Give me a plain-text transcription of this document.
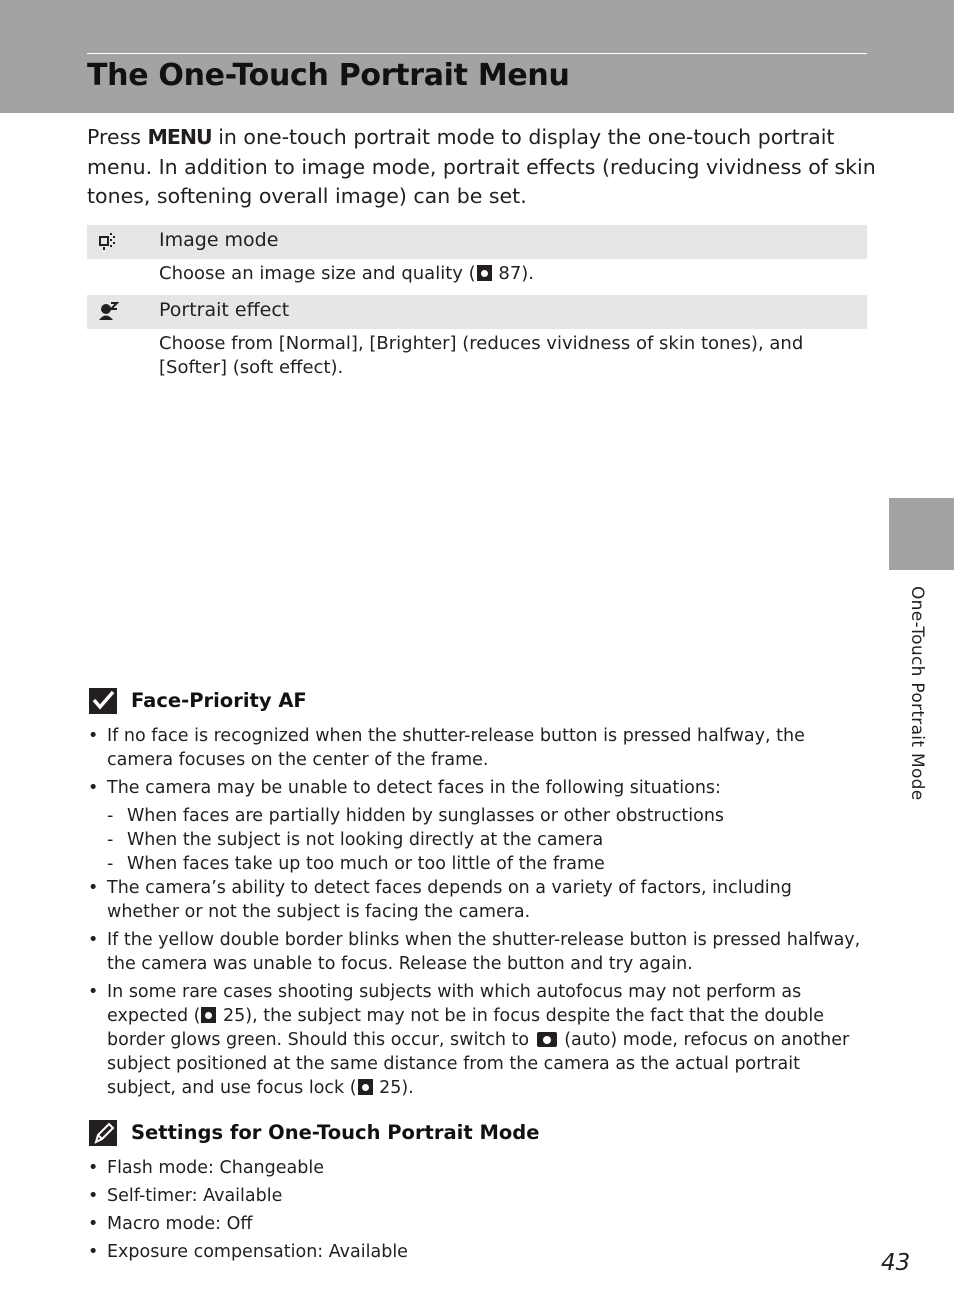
The One-Touch Portrait Menu

Press MENU in one-touch portrait mode to display the one-touch portrait menu. In addition to image mode, portrait effects (reducing vividness of skin tones, softening overall image) can be set.

Image mode

Choose an image size and quality ( 87).

Portrait effect

Choose from [Normal], [Brighter] (reduces vividness of skin tones), and [Softer] (soft effect).

Face-Priority AF
• If no face is recognized when the shutter-release button is pressed halfway, the camera focuses on the center of the frame.
• The camera may be unable to detect faces in the following situations:
- When faces are partially hidden by sunglasses or other obstructions
- When the subject is not looking directly at the camera
- When faces take up too much or too little of the frame
• The camera’s ability to detect faces depends on a variety of factors, including whether or not the subject is facing the camera.
• If the yellow double border blinks when the shutter-release button is pressed halfway, the camera was unable to focus. Release the button and try again.
• In some rare cases shooting subjects with which autofocus may not perform as expected ( 25), the subject may not be in focus despite the fact that the double border glows green. Should this occur, switch to  (auto) mode, refocus on another subject positioned at the same distance from the camera as the actual portrait subject, and use focus lock ( 25).
Settings for One-Touch Portrait Mode
• Flash mode: Changeable
• Self-timer: Available
• Macro mode: Off
• Exposure compensation: Available
One-Touch Portrait Mode
43
